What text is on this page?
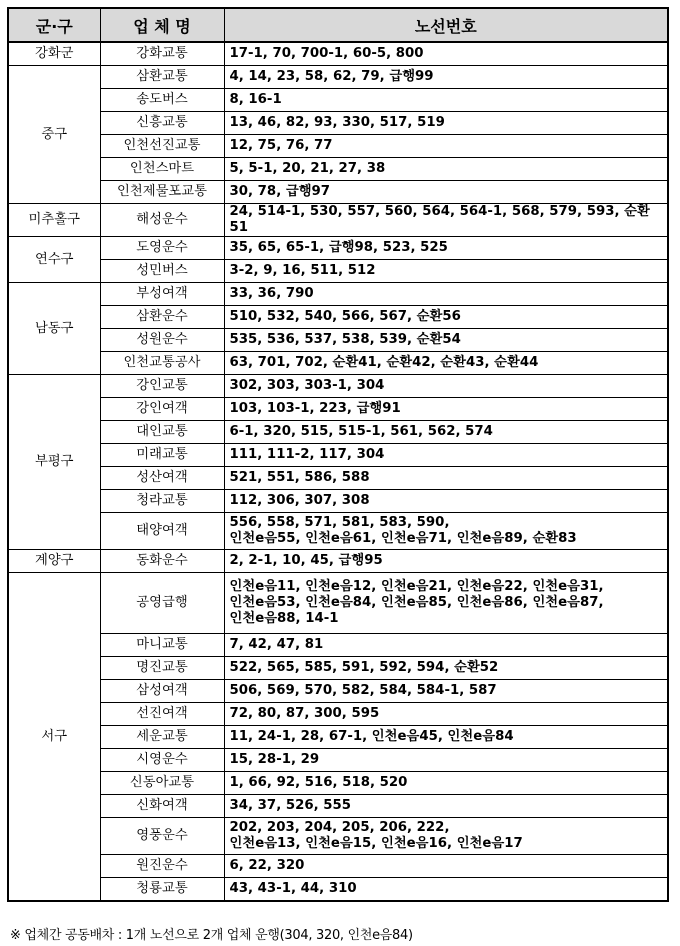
군·구	업 체 명	노선번호
강화군	강화교통	17-1, 70, 700-1, 60-5, 800
중구	삼환교통	4, 14, 23, 58, 62, 79, 급행99
	송도버스	8, 16-1
	신흥교통	13, 46, 82, 93, 330, 517, 519
	인천선진교통	12, 75, 76, 77
	인천스마트	5, 5-1, 20, 21, 27, 38
	인천제물포교통	30, 78, 급행97
미추홀구	해성운수	24, 514-1, 530, 557, 560, 564, 564-1, 568, 579, 593, 순환51
연수구	도영운수	35, 65, 65-1, 급행98, 523, 525
	성민버스	3-2, 9, 16, 511, 512
남동구	부성여객	33, 36, 790
	삼환운수	510, 532, 540, 566, 567, 순환56
	성원운수	535, 536, 537, 538, 539, 순환54
	인천교통공사	63, 701, 702, 순환41, 순환42, 순환43, 순환44
부평구	강인교통	302, 303, 303-1, 304
	강인여객	103, 103-1, 223, 급행91
	대인교통	6-1, 320, 515, 515-1, 561, 562, 574
	미래교통	111, 111-2, 117, 304
	성산여객	521, 551, 586, 588
	청라교통	112, 306, 307, 308
	태양여객	556, 558, 571, 581, 583, 590,
인천e음55, 인천e음61, 인천e음71, 인천e음89, 순환83
계양구	동화운수	2, 2-1, 10, 45, 급행95
서구	공영급행	인천e음11, 인천e음12, 인천e음21, 인천e음22, 인천e음31,
인천e음53, 인천e음84, 인천e음85, 인천e음86, 인천e음87,
인천e음88, 14-1
	마니교통	7, 42, 47, 81
	명진교통	522, 565, 585, 591, 592, 594, 순환52
	삼성여객	506, 569, 570, 582, 584, 584-1, 587
	선진여객	72, 80, 87, 300, 595
	세운교통	11, 24-1, 28, 67-1, 인천e음45, 인천e음84
	시영운수	15, 28-1, 29
	신동아교통	1, 66, 92, 516, 518, 520
	신화여객	34, 37, 526, 555
	영풍운수	202, 203, 204, 205, 206, 222,
인천e음13, 인천e음15, 인천e음16, 인천e음17
	원진운수	6, 22, 320
	청룡교통	43, 43-1, 44, 310
※ 업체간 공동배차 : 1개 노선으로 2개 업체 운행(304, 320, 인천e음84)
